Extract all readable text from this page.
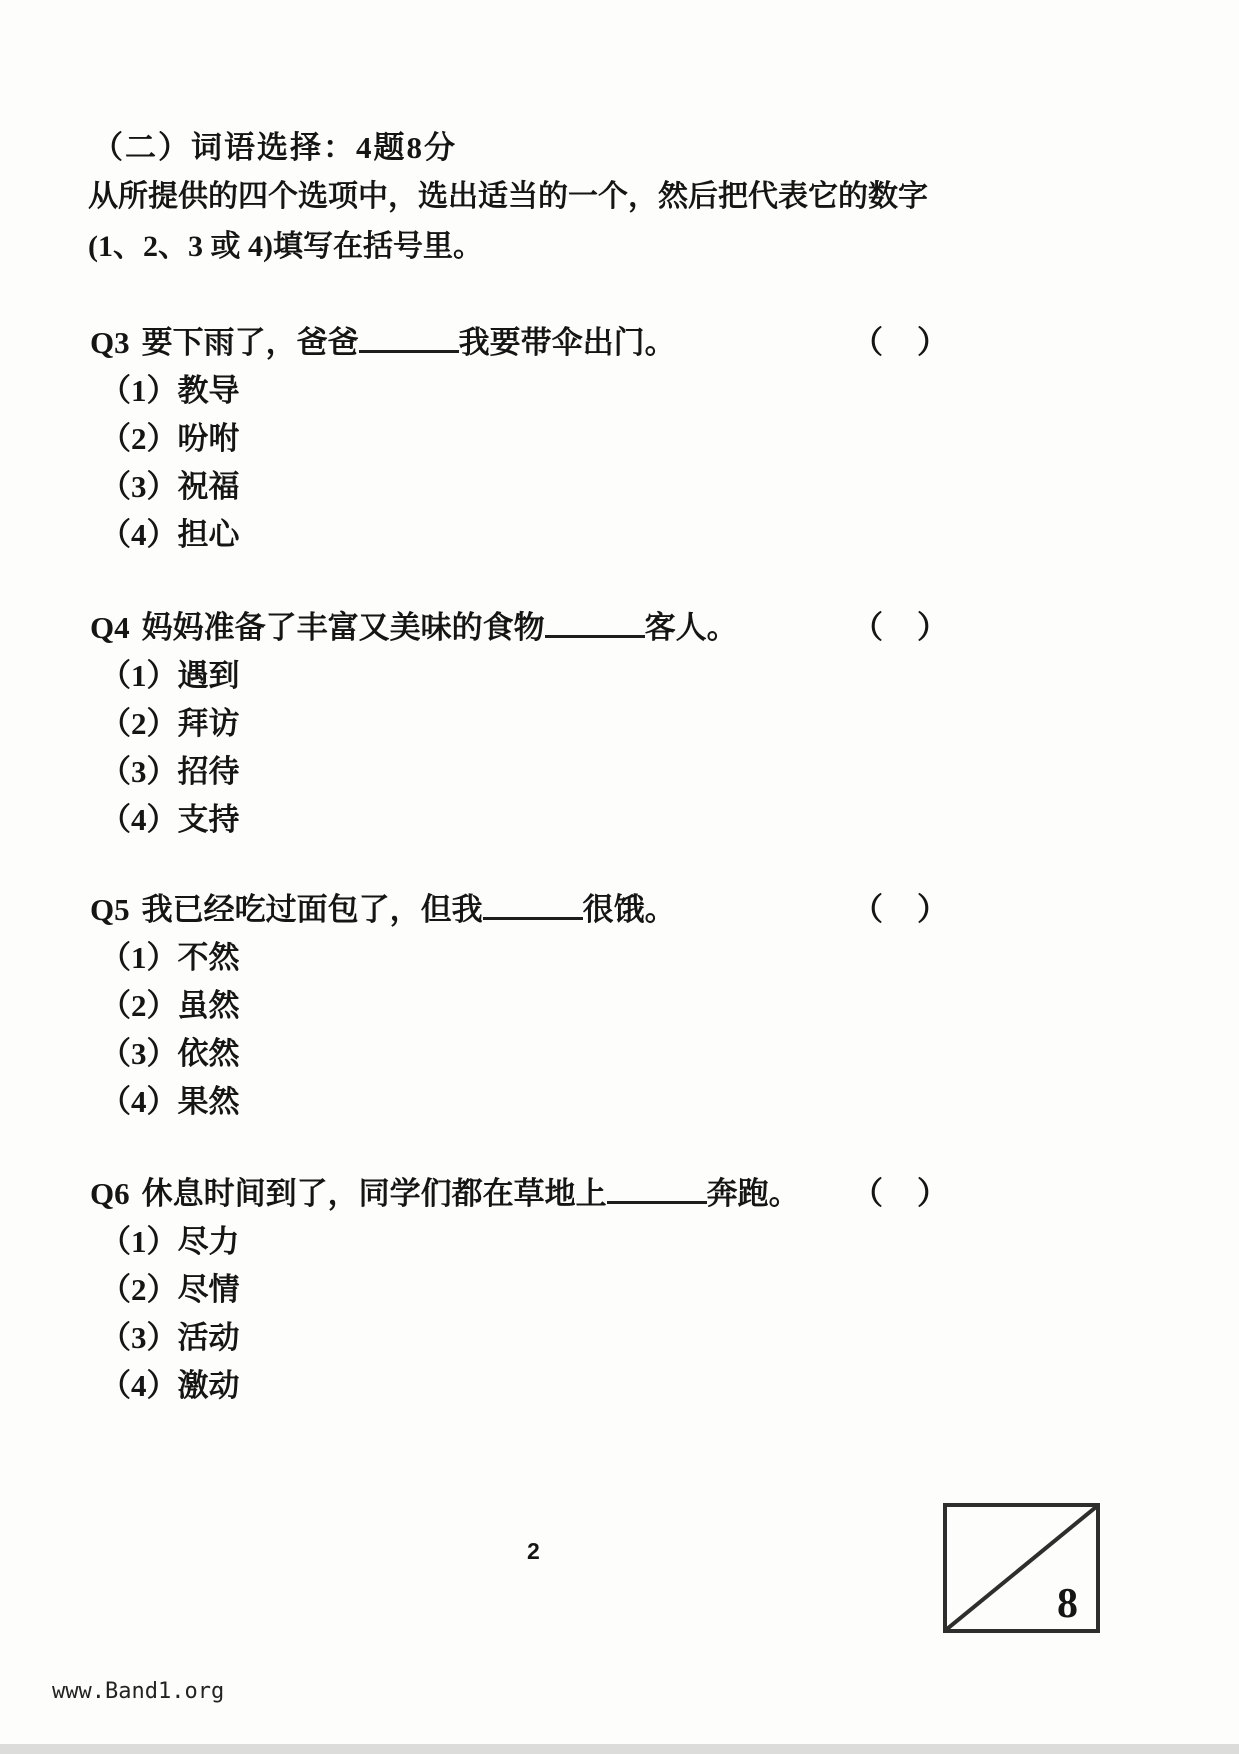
（二）词语选择：4题8分
从所提供的四个选项中，选出适当的一个，然后把代表它的数字
(1、2、3 或 4)填写在括号里。
Q3 要下雨了，爸爸	我要带伞出门。	（ ）
（1）教导
（2）吩咐
（3）祝福
（4）担心
Q4 妈妈准备了丰富又美味的食物	客人。	（ ）
（1）遇到
（2）拜访
（3）招待
（4）支持
Q5 我已经吃过面包了，但我	很饿。	（ ）
（1）不然
（2）虽然
（3）依然
（4）果然
Q6 休息时间到了，同学们都在草地上	奔跑。 （ ）
（1）尽力
（2）尽情
（3）活动
（4）激动
2
8
www.Band1.org
